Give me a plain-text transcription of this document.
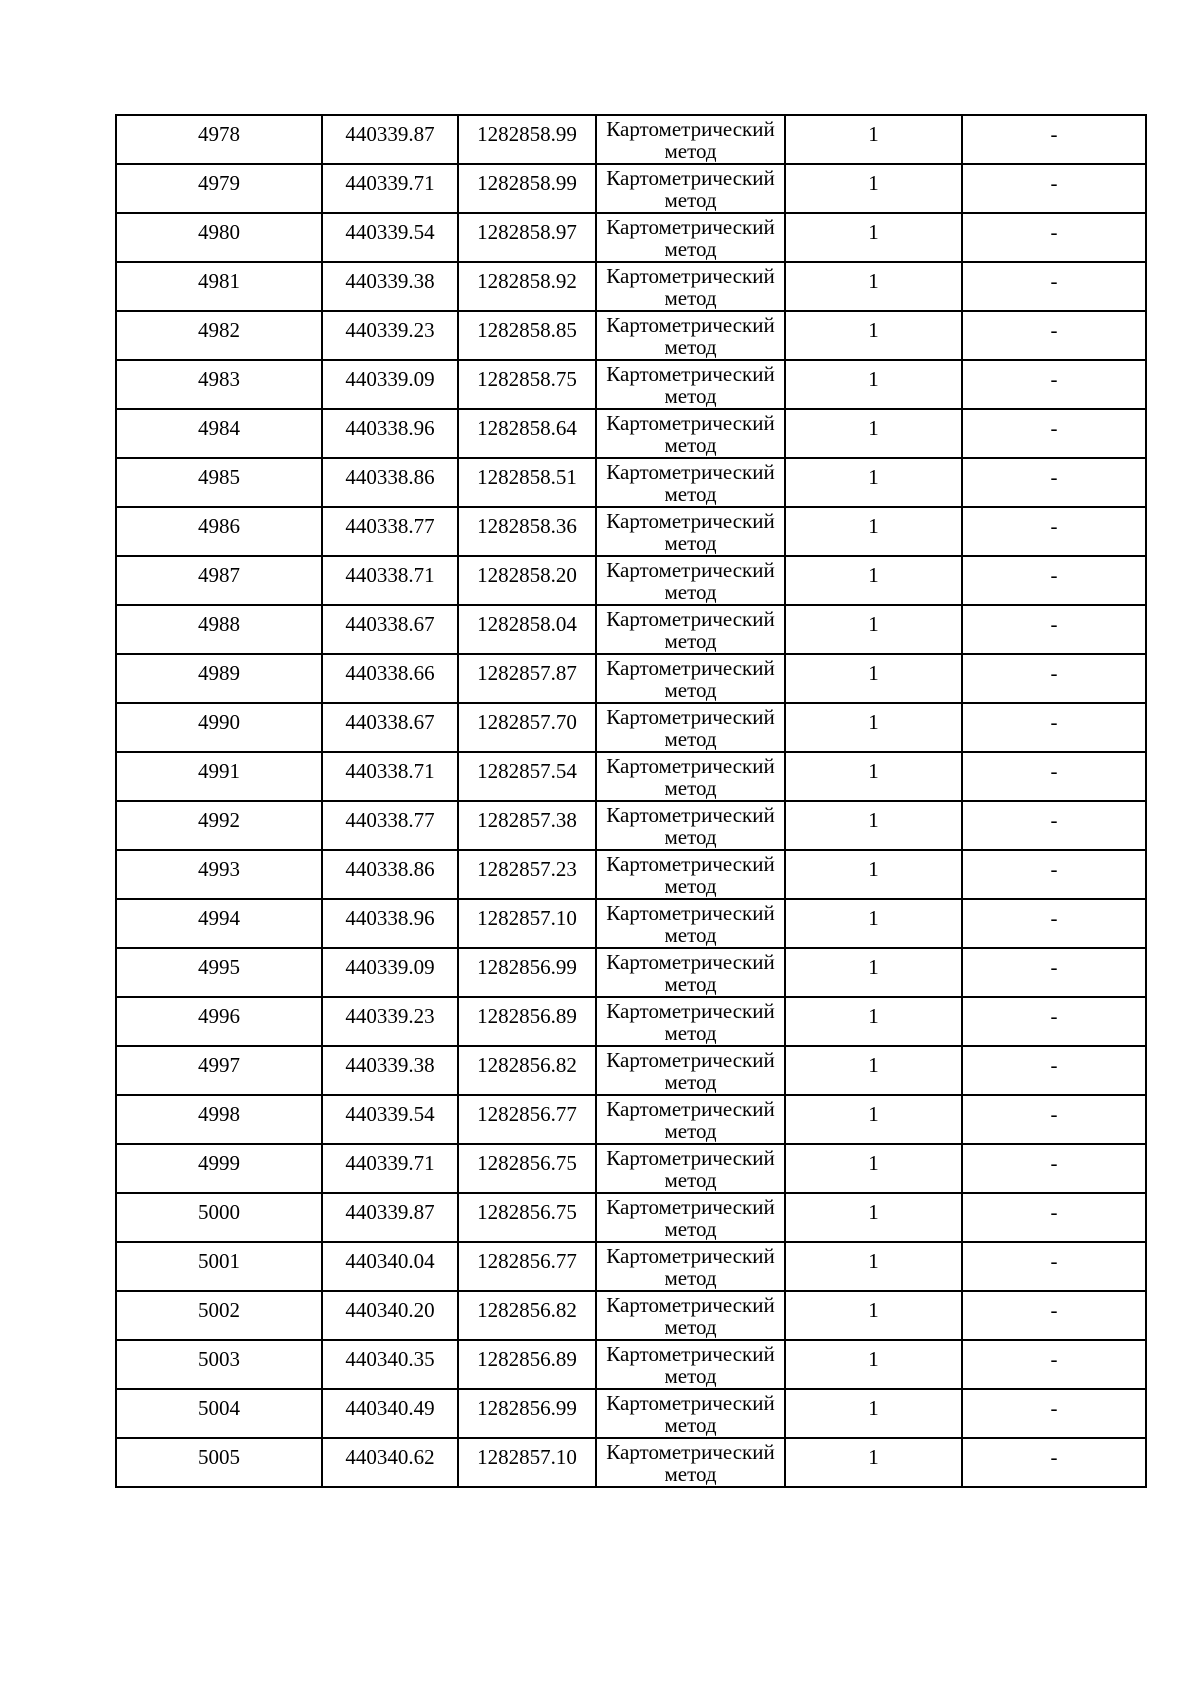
4978	440339.87	1282858.99	Картометрический
метод	1	-
4979	440339.71	1282858.99	Картометрический
метод	1	-
4980	440339.54	1282858.97	Картометрический
метод	1	-
4981	440339.38	1282858.92	Картометрический
метод	1	-
4982	440339.23	1282858.85	Картометрический
метод	1	-
4983	440339.09	1282858.75	Картометрический
метод	1	-
4984	440338.96	1282858.64	Картометрический
метод	1	-
4985	440338.86	1282858.51	Картометрический
метод	1	-
4986	440338.77	1282858.36	Картометрический
метод	1	-
4987	440338.71	1282858.20	Картометрический
метод	1	-
4988	440338.67	1282858.04	Картометрический
метод	1	-
4989	440338.66	1282857.87	Картометрический
метод	1	-
4990	440338.67	1282857.70	Картометрический
метод	1	-
4991	440338.71	1282857.54	Картометрический
метод	1	-
4992	440338.77	1282857.38	Картометрический
метод	1	-
4993	440338.86	1282857.23	Картометрический
метод	1	-
4994	440338.96	1282857.10	Картометрический
метод	1	-
4995	440339.09	1282856.99	Картометрический
метод	1	-
4996	440339.23	1282856.89	Картометрический
метод	1	-
4997	440339.38	1282856.82	Картометрический
метод	1	-
4998	440339.54	1282856.77	Картометрический
метод	1	-
4999	440339.71	1282856.75	Картометрический
метод	1	-
5000	440339.87	1282856.75	Картометрический
метод	1	-
5001	440340.04	1282856.77	Картометрический
метод	1	-
5002	440340.20	1282856.82	Картометрический
метод	1	-
5003	440340.35	1282856.89	Картометрический
метод	1	-
5004	440340.49	1282856.99	Картометрический
метод	1	-
5005	440340.62	1282857.10	Картометрический
метод	1	-
